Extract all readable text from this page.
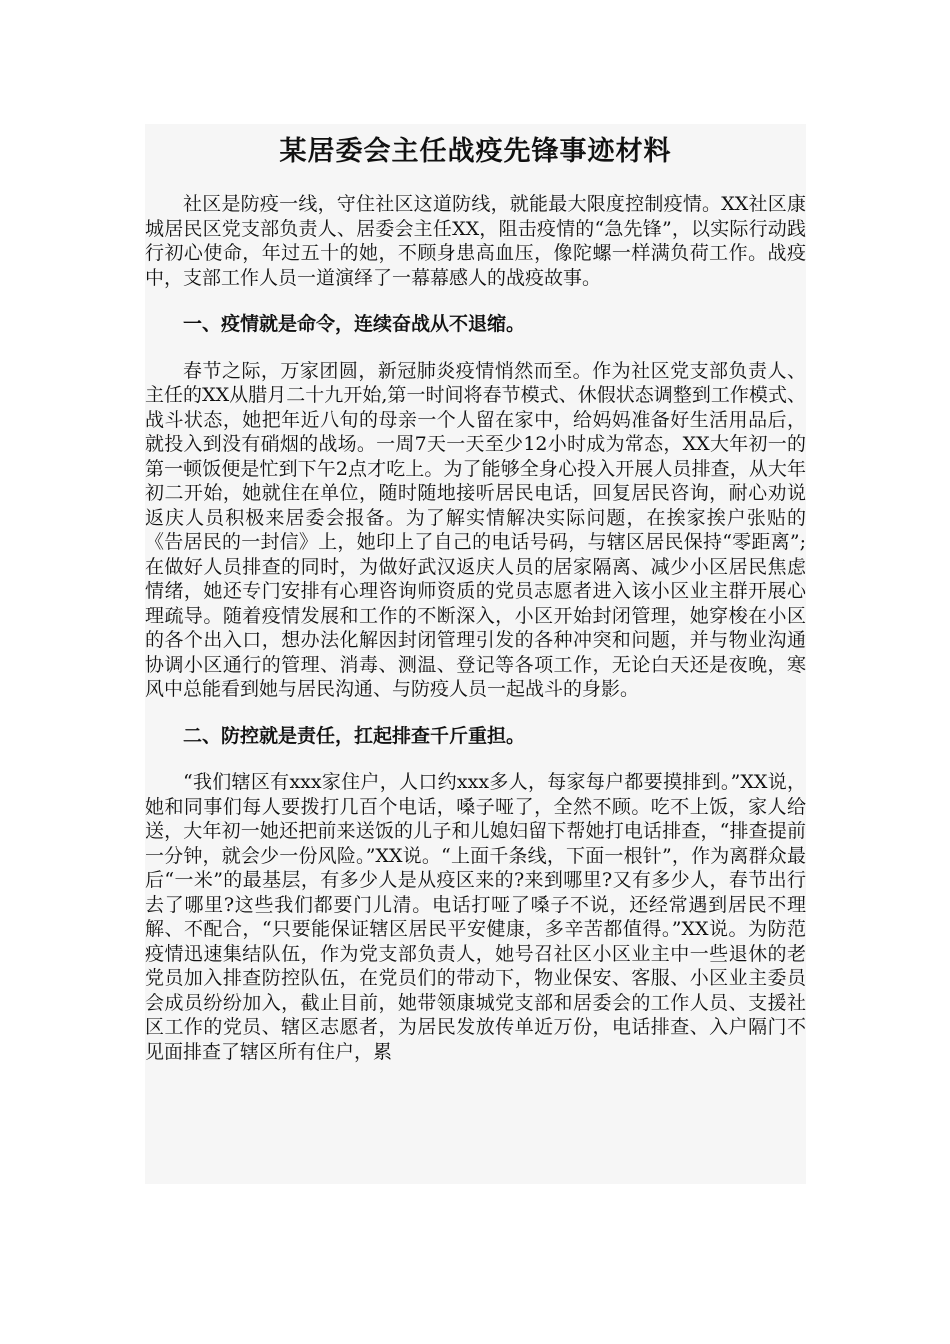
某居委会主任战疫先锋事迹材料

社区是防疫一线，守住社区这道防线，就能最大限度控制疫情。XX社区康城居民区党支部负责人、居委会主任XX，阻击疫情的“急先锋”，以实际行动践行初心使命，年过五十的她，不顾身患高血压，像陀螺一样满负荷工作。战疫中，支部工作人员一道演绎了一幕幕感人的战疫故事。

一、疫情就是命令，连续奋战从不退缩。

春节之际，万家团圆，新冠肺炎疫情悄然而至。作为社区党支部负责人、主任的XX从腊月二十九开始,第一时间将春节模式、休假状态调整到工作模式、战斗状态，她把年近八旬的母亲一个人留在家中，给妈妈准备好生活用品后，就投入到没有硝烟的战场。一周7天一天至少12小时成为常态，XX大年初一的第一顿饭便是忙到下午2点才吃上。为了能够全身心投入开展人员排查，从大年初二开始，她就住在单位，随时随地接听居民电话，回复居民咨询，耐心劝说返庆人员积极来居委会报备。为了解实情解决实际问题，在挨家挨户张贴的《告居民的一封信》上，她印上了自己的电话号码，与辖区居民保持“零距离”;在做好人员排查的同时，为做好武汉返庆人员的居家隔离、减少小区居民焦虑情绪，她还专门安排有心理咨询师资质的党员志愿者进入该小区业主群开展心理疏导。随着疫情发展和工作的不断深入，小区开始封闭管理，她穿梭在小区的各个出入口，想办法化解因封闭管理引发的各种冲突和问题，并与物业沟通协调小区通行的管理、消毒、测温、登记等各项工作，无论白天还是夜晚，寒风中总能看到她与居民沟通、与防疫人员一起战斗的身影。

二、防控就是责任，扛起排查千斤重担。

“我们辖区有xxx家住户，人口约xxx多人，每家每户都要摸排到。”XX说，她和同事们每人要拨打几百个电话，嗓子哑了，全然不顾。吃不上饭，家人给送，大年初一她还把前来送饭的儿子和儿媳妇留下帮她打电话排查，“排查提前一分钟，就会少一份风险。”XX说。“上面千条线，下面一根针”，作为离群众最后“一米”的最基层，有多少人是从疫区来的?来到哪里?又有多少人，春节出行去了哪里?这些我们都要门儿清。电话打哑了嗓子不说，还经常遇到居民不理解、不配合，“只要能保证辖区居民平安健康，多辛苦都值得。”XX说。为防范疫情迅速集结队伍，作为党支部负责人，她号召社区小区业主中一些退休的老党员加入排查防控队伍，在党员们的带动下，物业保安、客服、小区业主委员会成员纷纷加入，截止目前，她带领康城党支部和居委会的工作人员、支援社区工作的党员、辖区志愿者，为居民发放传单近万份，电话排查、入户隔门不见面排查了辖区所有住户，累
